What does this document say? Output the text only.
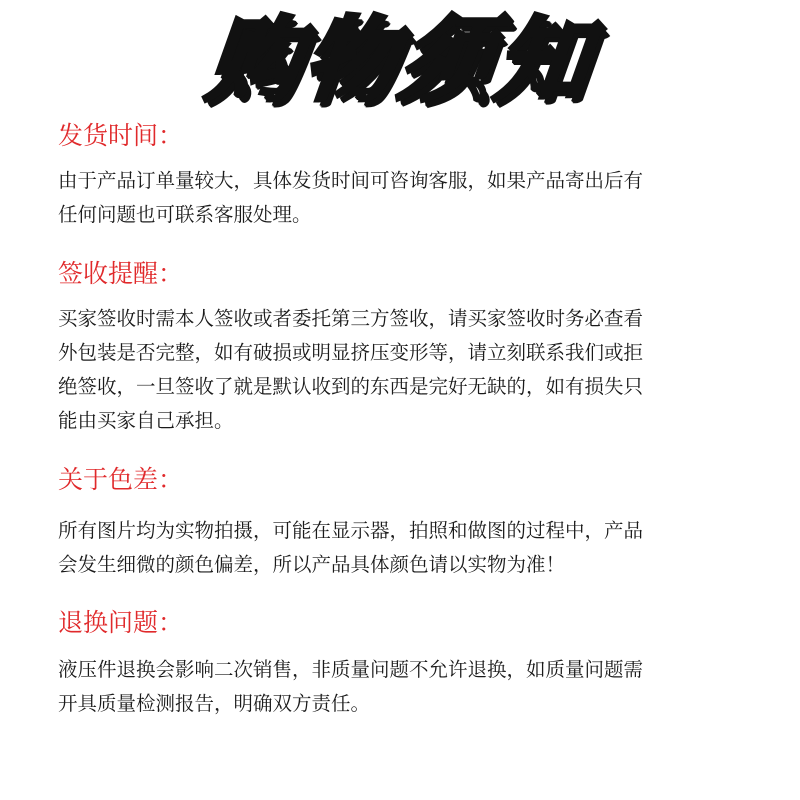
购物须知
发货时间：
由于产品订单量较大，具体发货时间可咨询客服，如果产品寄出后有
任何问题也可联系客服处理。
签收提醒：
买家签收时需本人签收或者委托第三方签收，请买家签收时务必查看
外包装是否完整，如有破损或明显挤压变形等，请立刻联系我们或拒
绝签收，一旦签收了就是默认收到的东西是完好无缺的，如有损失只
能由买家自己承担。
关于色差：
所有图片均为实物拍摄，可能在显示器，拍照和做图的过程中，产品
会发生细微的颜色偏差，所以产品具体颜色请以实物为准！
退换问题：
液压件退换会影响二次销售，非质量问题不允许退换，如质量问题需
开具质量检测报告，明确双方责任。
